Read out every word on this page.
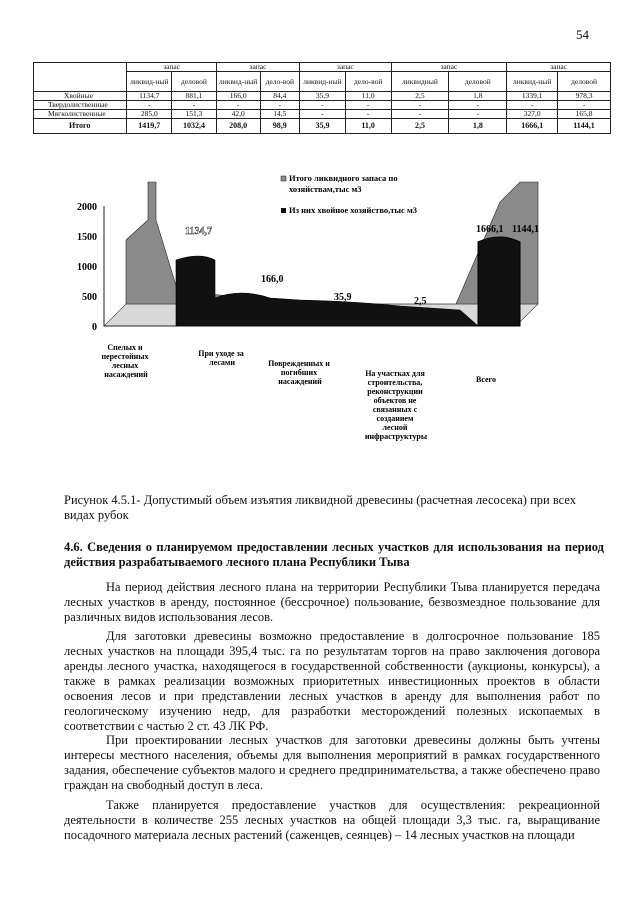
54
	запас		запас		запас		запас		запас	
	ликвид-ный	деловой	ликвид-ный	дело-вой	ликвид-ный	дело-вой	ликвидный	деловой	ликвид-ный	деловой
Хвойные	1134,7	881,1	166,0	84,4	35,9	11,0	2,5	1,8	1339,1	978,3
Твердолиственные	-	-	-	-	-	-	-	-	-	-
Мягколиственные	285,0	151,3	42,0	14,5	-	-	-	-	327,0	165,8
Итого	1419,7	1032,4	208,0	98,9	35,9	11,0	2,5	1,8	1666,1	1144,1
0
500
1000
1500
2000
1134,7
166,0
35,9	2,5
1666,1 1144,1
Итого ликвидного запаса по хозяйствам,тыс м3
Из них хвойное хозяйство,тыс м3
Спелых и перестойных лесных насаждений
При уходе за лесами	Поврежденных и погибших насаждений
На участках для строительства, реконструкции объектов не связанных с созданием лесной инфраструктуры
Всего
Рисунок 4.5.1- Допустимый объем изъятия ликвидной древесины (расчетная лесосека) при всех видах рубок
4.6. Сведения о планируемом предоставлении лесных участков для использования на период действия разрабатываемого лесного плана Республики Тыва

На период действия лесного плана на территории Республики Тыва планируется передача лесных участков в аренду, постоянное (бессрочное) пользование, безвозмездное пользование для различных видов использования лесов.

Для заготовки древесины возможно предоставление в долгосрочное пользование 185 лесных участков на площади 395,4 тыс. га по результатам торгов на право заключения договора аренды лесного участка, находящегося в государственной собственности (аукционы, конкурсы), а также в рамках реализации возможных приоритетных инвестиционных проектов в области освоения лесов и при представлении лесных участков в аренду для выполнения работ по геологическому изучению недр, для разработки месторождений полезных ископаемых в соответствии с частью 2 ст. 43 ЛК РФ.

При проектировании лесных участков для заготовки древесины должны быть учтены интересы местного населения, объемы для выполнения мероприятий в рамках государственного задания, обеспечение субъектов малого и среднего предпринимательства, а также обеспечено право граждан на свободный доступ в леса.

Также планируется предоставление участков для осуществления: рекреационной деятельности в количестве 255 лесных участков на общей площади 3,3 тыс. га, выращивание посадочного материала лесных растений (саженцев, сеянцев) – 14 лесных участков на площади
